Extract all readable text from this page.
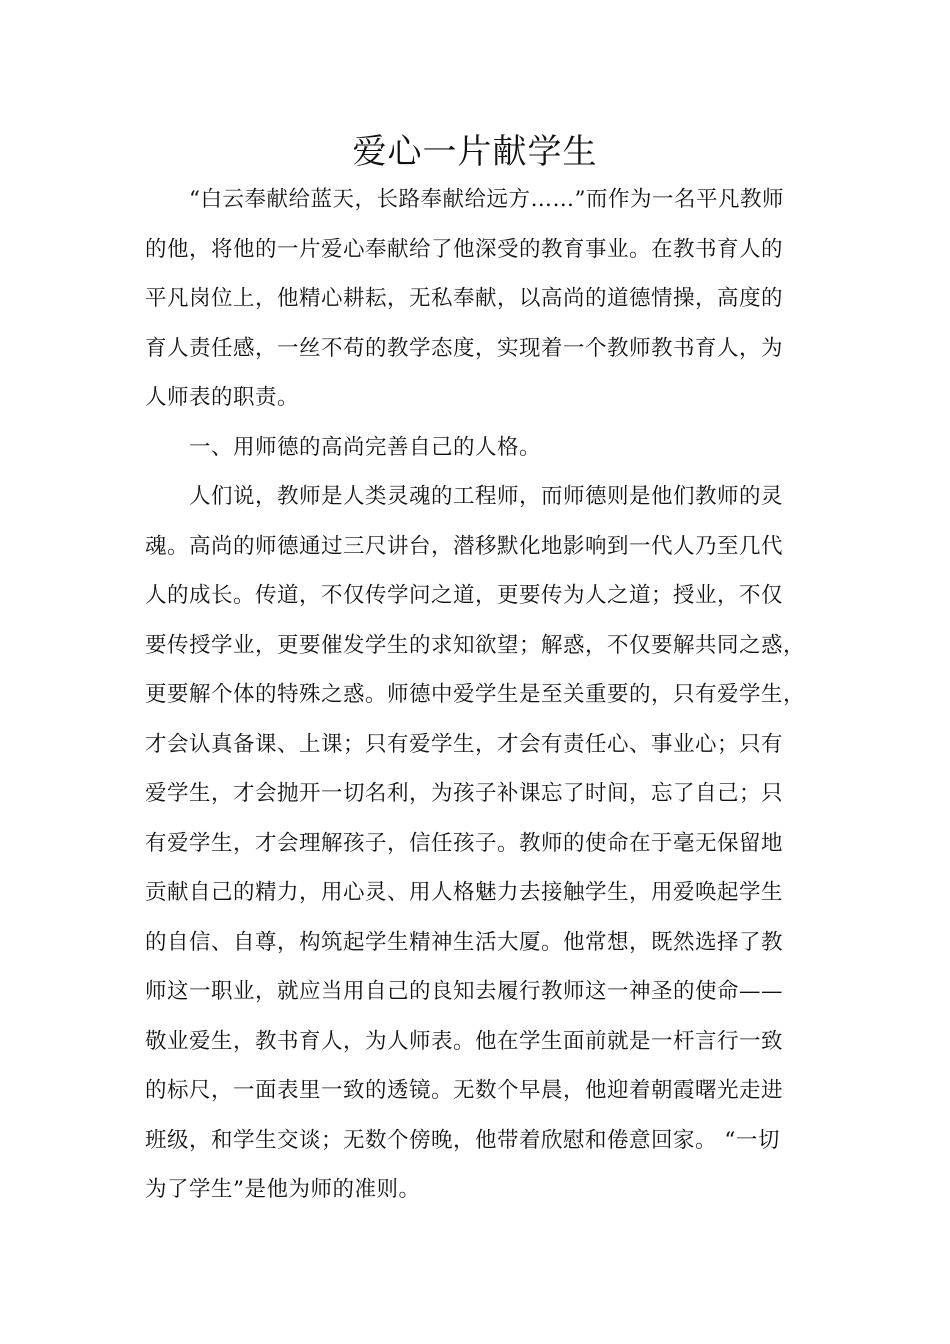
爱心一片献学生
“白云奉献给蓝天，长路奉献给远方……”而作为一名平凡教师
的他，将他的一片爱心奉献给了他深受的教育事业。在教书育人的
平凡岗位上，他精心耕耘，无私奉献，以高尚的道德情操，高度的
育人责任感，一丝不苟的教学态度，实现着一个教师教书育人，为
人师表的职责。
一、用师德的高尚完善自己的人格。
人们说，教师是人类灵魂的工程师，而师德则是他们教师的灵
魂。高尚的师德通过三尺讲台，潜移默化地影响到一代人乃至几代
人的成长。传道，不仅传学问之道，更要传为人之道；授业，不仅
要传授学业，更要催发学生的求知欲望；解惑，不仅要解共同之惑，
更要解个体的特殊之惑。师德中爱学生是至关重要的，只有爱学生，
才会认真备课、上课；只有爱学生，才会有责任心、事业心；只有
爱学生，才会抛开一切名利，为孩子补课忘了时间，忘了自己；只
有爱学生，才会理解孩子，信任孩子。教师的使命在于毫无保留地
贡献自己的精力，用心灵、用人格魅力去接触学生，用爱唤起学生
的自信、自尊，构筑起学生精神生活大厦。他常想，既然选择了教
师这一职业，就应当用自己的良知去履行教师这一神圣的使命——
敬业爱生，教书育人，为人师表。他在学生面前就是一杆言行一致
的标尺，一面表里一致的透镜。无数个早晨，他迎着朝霞曙光走进
班级，和学生交谈；无数个傍晚，他带着欣慰和倦意回家。 “一切
为了学生”是他为师的准则。
